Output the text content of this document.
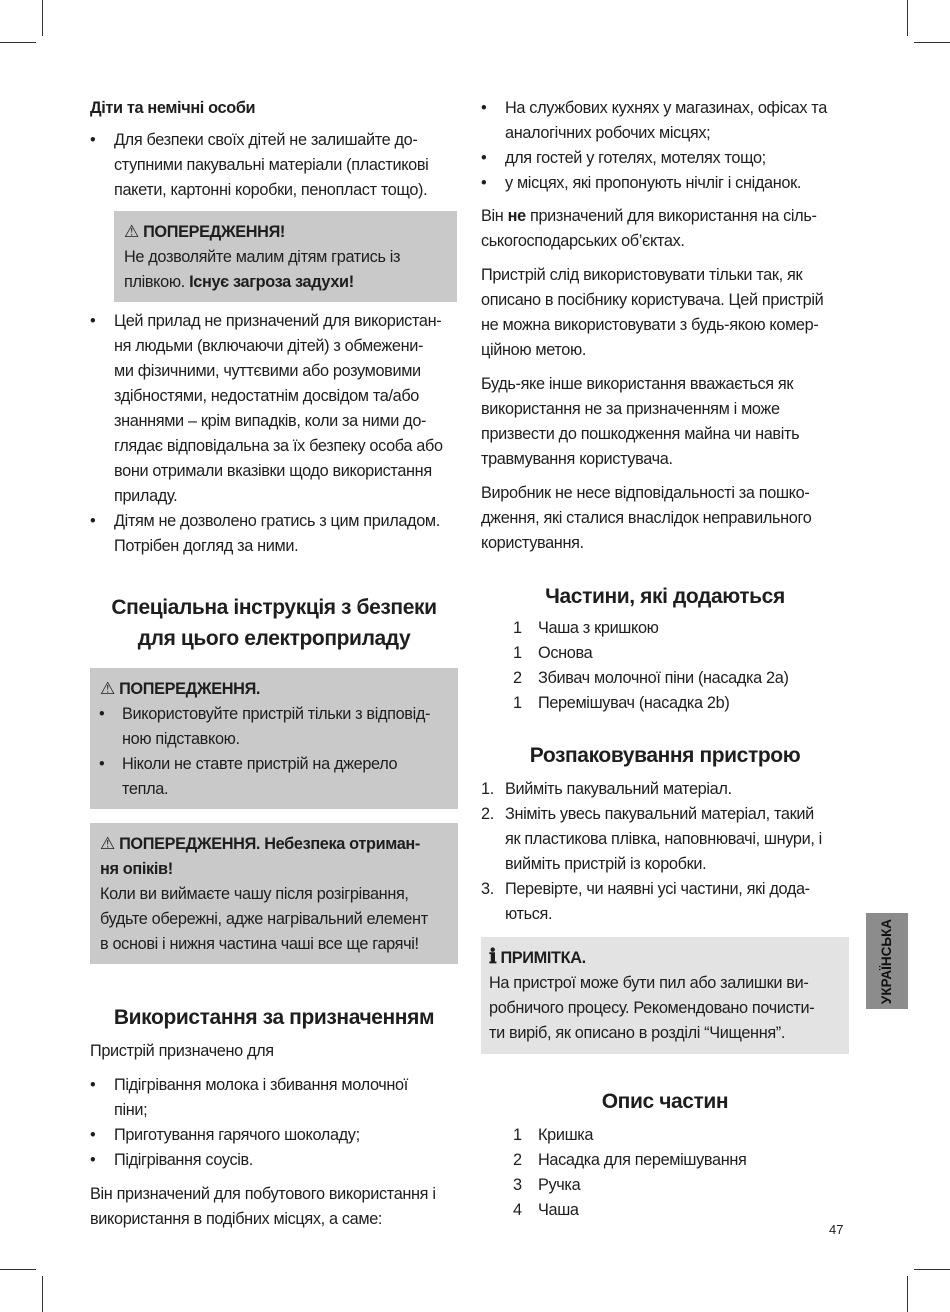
Діти та немічні особи
• Для безпеки своїх дітей не залишайте до-
ступними пакувальні матеріали (пластикові
пакети, картонні коробки, пенопласт тощо).
⚠ ПОПЕРЕДЖЕННЯ!
Не дозволяйте малим дітям гратись із
плівкою. Існує загроза задухи!
• Цей прилад не призначений для використан-
ня людьми (включаючи дітей) з обмежени-
ми фізичними, чуттєвими або розумовими
здібностями, недостатнім досвідом та/або
знаннями – крім випадків, коли за ними до-
глядає відповідальна за їх безпеку особа або
вони отримали вказівки щодо використання
приладу.
• Дітям не дозволено гратись з цим приладом.
Потрібен догляд за ними.
Спеціальна інструкція з безпеки
для цього електроприладу
⚠ ПОПЕРЕДЖЕННЯ.
• Використовуйте пристрій тільки з відповід-
ною підставкою.
• Ніколи не ставте пристрій на джерело
тепла.
⚠ ПОПЕРЕДЖЕННЯ. Небезпека отриман-
ня опіків!
Коли ви виймаєте чашу після розігрівання,
будьте обережні, адже нагрівальний елемент
в основі і нижня частина чаші все ще гарячі!
Використання за призначенням

Пристрій призначено для

• Підігрівання молока і збивання молочної
піни;
• Приготування гарячого шоколаду;
• Підігрівання соусів.

Він призначений для побутового використання і
використання в подібних місцях, а саме:

• На службових кухнях у магазинах, офісах та
аналогічних робочих місцях;
• для гостей у готелях, мотелях тощо;
• у місцях, які пропонують нічліг і сніданок.

Він не призначений для використання на сіль-
ськогосподарських об’єктах.

Пристрій слід використовувати тільки так, як
описано в посібнику користувача. Цей пристрій
не можна використовувати з будь-якою комер-
ційною метою.

Будь-яке інше використання вважається як
використання не за призначенням і може
призвести до пошкодження майна чи навіть
травмування користувача.

Виробник не несе відповідальності за пошко-
дження, які сталися внаслідок неправильного
користування.

Частини, які додаються
1 Чаша з кришкою
1 Основа
2 Збивач молочної піни (насадка 2a)
1 Перемішувач (насадка 2b)
Розпаковування пристрою
1. Вийміть пакувальний матеріал.
2. Зніміть увесь пакувальний матеріал, такий
як пластикова плівка, наповнювачі, шнури, і
вийміть пристрій із коробки.
3. Перевірте, чи наявні усі частини, які дода-
ються.
ℹ ПРИМІТКА.
На пристрої може бути пил або залишки ви-
робничого процесу. Рекомендовано почисти-
ти виріб, як описано в розділі “Чищення”.
Опис частин
1 Кришка
2 Насадка для перемішування
3 Ручка
4 Чаша
УКРАЇНСЬКА
47
